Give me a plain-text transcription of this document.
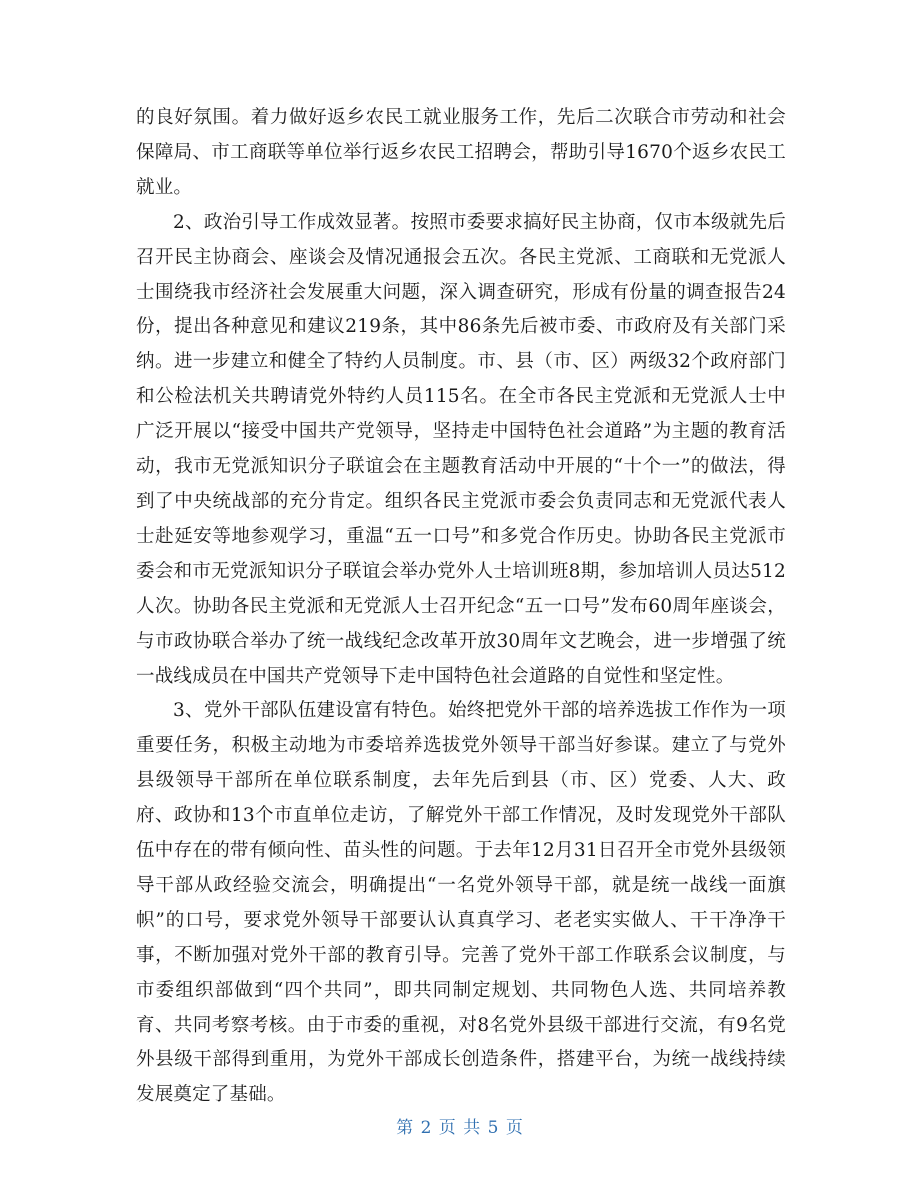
的良好氛围。着力做好返乡农民工就业服务工作，先后二次联合市劳动和社会保障局、市工商联等单位举行返乡农民工招聘会，帮助引导1670个返乡农民工就业。

2、政治引导工作成效显著。按照市委要求搞好民主协商，仅市本级就先后召开民主协商会、座谈会及情况通报会五次。各民主党派、工商联和无党派人士围绕我市经济社会发展重大问题，深入调查研究，形成有份量的调查报告24份，提出各种意见和建议219条，其中86条先后被市委、市政府及有关部门采纳。进一步建立和健全了特约人员制度。市、县（市、区）两级32个政府部门和公检法机关共聘请党外特约人员115名。在全市各民主党派和无党派人士中广泛开展以“接受中国共产党领导，坚持走中国特色社会道路”为主题的教育活动，我市无党派知识分子联谊会在主题教育活动中开展的“十个一”的做法，得到了中央统战部的充分肯定。组织各民主党派市委会负责同志和无党派代表人士赴延安等地参观学习，重温“五一口号”和多党合作历史。协助各民主党派市委会和市无党派知识分子联谊会举办党外人士培训班8期，参加培训人员达512人次。协助各民主党派和无党派人士召开纪念“五一口号”发布60周年座谈会，与市政协联合举办了统一战线纪念改革开放30周年文艺晚会，进一步增强了统一战线成员在中国共产党领导下走中国特色社会道路的自觉性和坚定性。

3、党外干部队伍建设富有特色。始终把党外干部的培养选拔工作作为一项重要任务，积极主动地为市委培养选拔党外领导干部当好参谋。建立了与党外县级领导干部所在单位联系制度，去年先后到县（市、区）党委、人大、政府、政协和13个市直单位走访，了解党外干部工作情况，及时发现党外干部队伍中存在的带有倾向性、苗头性的问题。于去年12月31日召开全市党外县级领导干部从政经验交流会，明确提出“一名党外领导干部，就是统一战线一面旗帜”的口号，要求党外领导干部要认认真真学习、老老实实做人、干干净净干事，不断加强对党外干部的教育引导。完善了党外干部工作联系会议制度，与市委组织部做到“四个共同”，即共同制定规划、共同物色人选、共同培养教育、共同考察考核。由于市委的重视，对8名党外县级干部进行交流，有9名党外县级干部得到重用，为党外干部成长创造条件，搭建平台，为统一战线持续发展奠定了基础。

第 2 页 共 5 页
